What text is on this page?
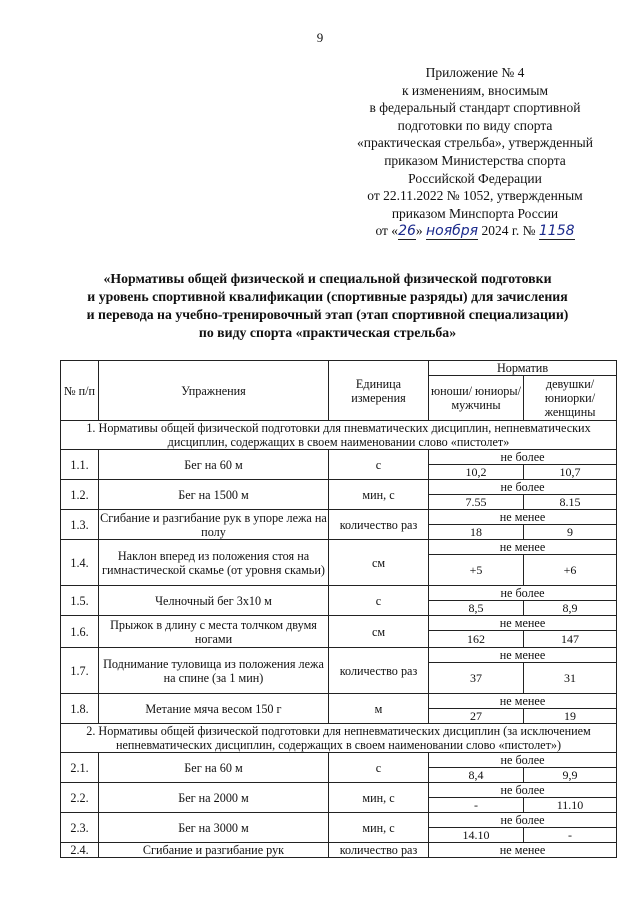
9
Приложение № 4
к изменениям, вносимым
в федеральный стандарт спортивной
подготовки по виду спорта
«практическая стрельба», утвержденный
приказом Министерства спорта
Российской Федерации
от 22.11.2022 № 1052, утвержденным
приказом Минспорта России
от «26» ноября 2024 г. № 1158
«Нормативы общей физической и специальной физической подготовки
и уровень спортивной квалификации (спортивные разряды) для зачисления
и перевода на учебно-тренировочный этап (этап спортивной специализации)
по виду спорта «практическая стрельба»
№ п/п	Упражнения	Единица измерения	Норматив	
			юноши/ юниоры/ мужчины	девушки/ юниорки/ женщины
1. Нормативы общей физической подготовки для пневматических дисциплин, непневматических дисциплин, содержащих в своем наименовании слово «пистолет»				
1.1.	Бег на 60 м	с	не более	
			10,2	10,7
1.2.	Бег на 1500 м	мин, с	не более	
			7.55	8.15
1.3.	Сгибание и разгибание рук в упоре лежа на полу	количество раз	не менее	
			18	9
1.4.	Наклон вперед из положения стоя на гимнастической скамье (от уровня скамьи)	см	не менее	
			+5	+6
1.5.	Челночный бег 3х10 м	с	не более	
			8,5	8,9
1.6.	Прыжок в длину с места толчком двумя ногами	см	не менее	
			162	147
1.7.	Поднимание туловища из положения лежа на спине (за 1 мин)	количество раз	не менее	
			37	31
1.8.	Метание мяча весом 150 г	м	не менее	
			27	19
2. Нормативы общей физической подготовки для непневматических дисциплин (за исключением непневматических дисциплин, содержащих в своем наименовании слово «пистолет»)				
2.1.	Бег на 60 м	с	не более	
			8,4	9,9
2.2.	Бег на 2000 м	мин, с	не более	
			-	11.10
2.3.	Бег на 3000 м	мин, с	не более	
			14.10	-
2.4.	Сгибание и разгибание рук	количество раз	не менее	
